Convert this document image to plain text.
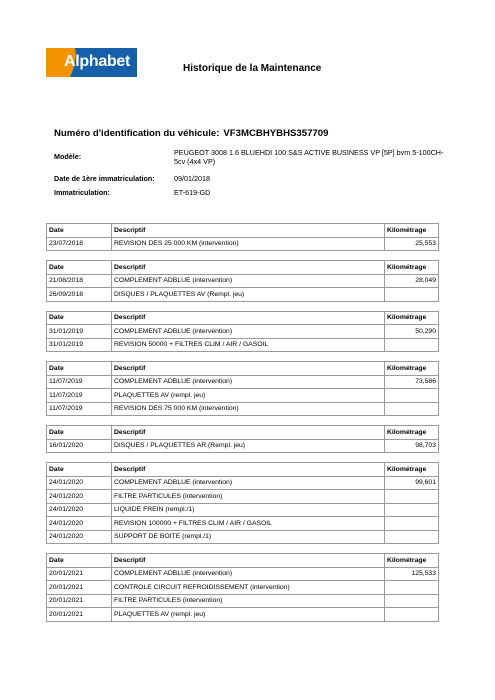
Alphabet	Historique de la Maintenance
Numéro d'identification du véhicule: VF3MCBHYBHS357709
Modèle:	PEUGEOT 3008 1.6 BLUEHDI 100 S&S ACTIVE BUSINESS VP [5P] bvm 5-100CH-5cv (4x4 VP)
Date de 1ère immatriculation:	09/01/2018
Immatriculation:	ET-619-GD
Date	Descriptif	Kilométrage
23/07/2018	REVISION DES 25 000 KM (intervention)	25,553
Date	Descriptif	Kilométrage
21/08/2018	COMPLEMENT ADBLUE (intervention)	28,049
26/09/2018	DISQUES / PLAQUETTES AV (Rempl. jeu)	
Date	Descriptif	Kilométrage
31/01/2019	COMPLEMENT ADBLUE (intervention)	50,290
31/01/2019	REVISION 50000 + FILTRES CLIM / AIR / GASOIL	
Date	Descriptif	Kilométrage
11/07/2019	COMPLEMENT ADBLUE (intervention)	73,586
11/07/2019	PLAQUETTES AV (rempl. jeu)	
11/07/2019	REVISION DES 75 000 KM (intervention)	
Date	Descriptif	Kilométrage
16/01/2020	DISQUES / PLAQUETTES AR (Rempl. jeu)	98,703
Date	Descriptif	Kilométrage
24/01/2020	COMPLEMENT ADBLUE (intervention)	99,601
24/01/2020	FILTRE PARTICULES (intervention)	
24/01/2020	LIQUIDE FREIN (rempl./1)	
24/01/2020	REVISION 100000 + FILTRES CLIM / AIR / GASOIL	
24/01/2020	SUPPORT DE BOITE (rempl./1)	
Date	Descriptif	Kilométrage
20/01/2021	COMPLEMENT ADBLUE (intervention)	125,533
20/01/2021	CONTROLE CIRCUIT REFROIDISSEMENT (intervention)	
20/01/2021	FILTRE PARTICULES (intervention)	
20/01/2021	PLAQUETTES AV (rempl. jeu)	
